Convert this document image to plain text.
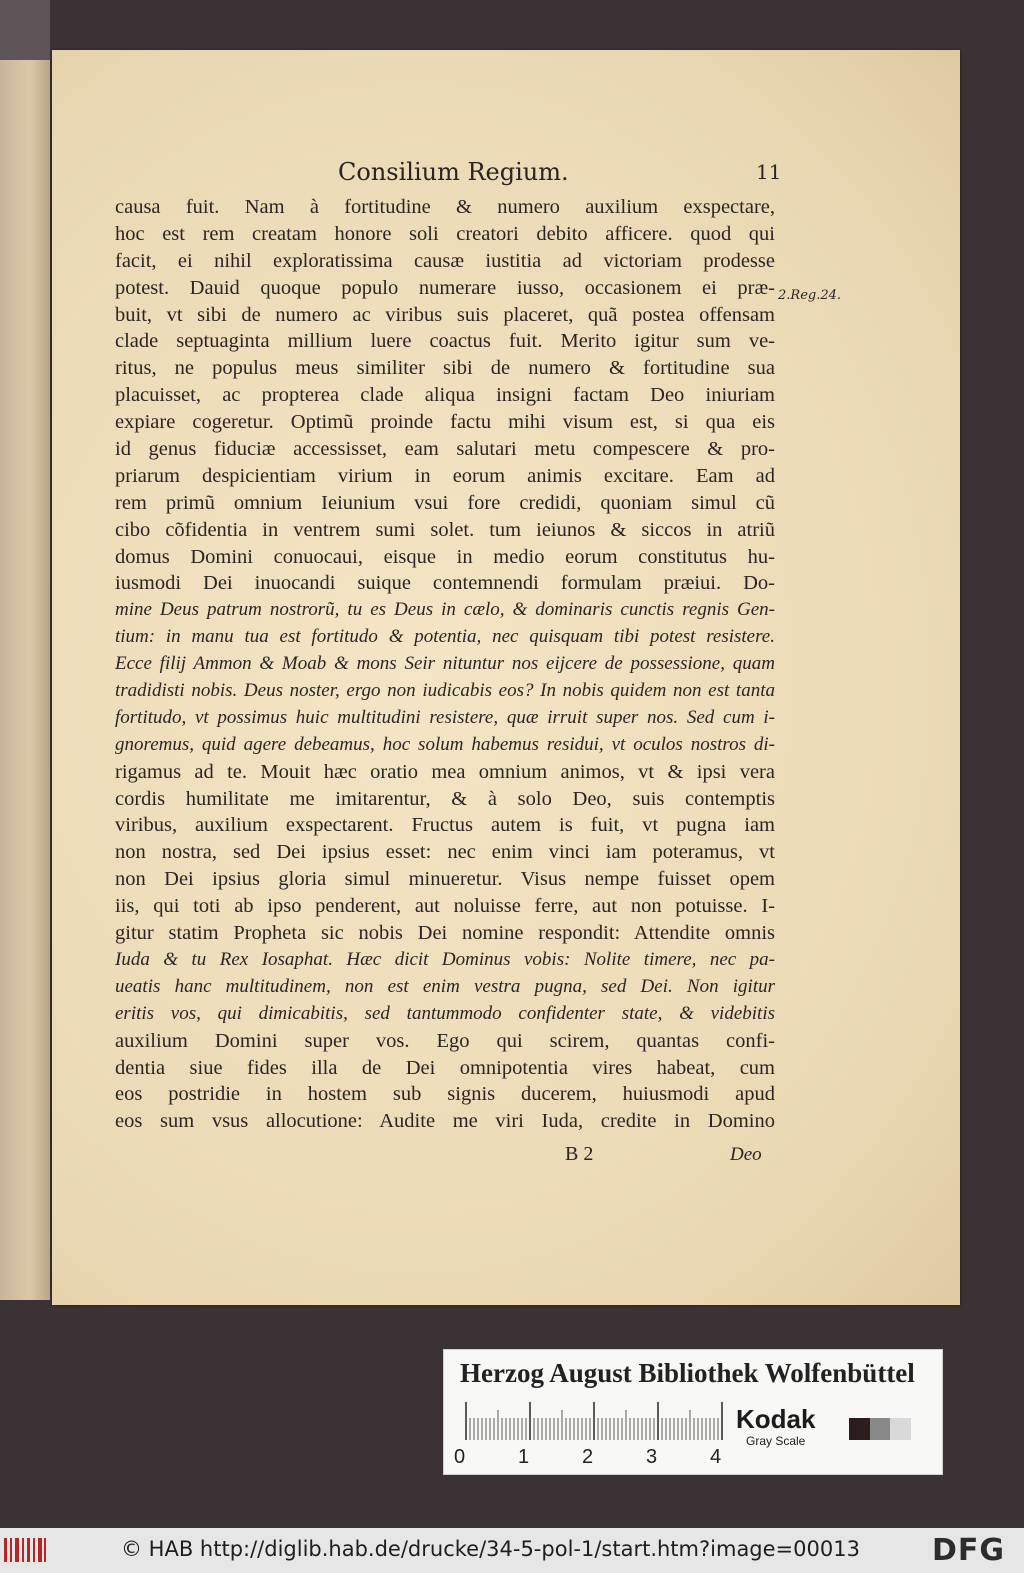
Consilium Regium.	11
2.Reg.24.
causa fuit. Nam à fortitudine & numero auxilium exspectare,
hoc est rem creatam honore soli creatori debito afficere. quod qui
facit, ei nihil exploratissima causæ iustitia ad victoriam prodesse
potest. Dauid quoque populo numerare iusso, occasionem ei præ-
buit, vt sibi de numero ac viribus suis placeret, quã postea offensam
clade septuaginta millium luere coactus fuit. Merito igitur sum ve-
ritus, ne populus meus similiter sibi de numero & fortitudine sua
placuisset, ac propterea clade aliqua insigni factam Deo iniuriam
expiare cogeretur. Optimũ proinde factu mihi visum est, si qua eis
id genus fiduciæ accessisset, eam salutari metu compescere & pro-
priarum despicientiam virium in eorum animis excitare. Eam ad
rem primũ omnium Ieiunium vsui fore credidi, quoniam simul cũ
cibo cõfidentia in ventrem sumi solet. tum ieiunos & siccos in atriũ
domus Domini conuocaui, eisque in medio eorum constitutus hu-
iusmodi Dei inuocandi suique contemnendi formulam præiui. Do-
mine Deus patrum nostrorũ, tu es Deus in cælo, & dominaris cunctis regnis Gen-
tium: in manu tua est fortitudo & potentia, nec quisquam tibi potest resistere.
Ecce filij Ammon & Moab & mons Seir nituntur nos eijcere de possessione, quam
tradidisti nobis. Deus noster, ergo non iudicabis eos? In nobis quidem non est tanta
fortitudo, vt possimus huic multitudini resistere, quæ irruit super nos. Sed cum i-
gnoremus, quid agere debeamus, hoc solum habemus residui, vt oculos nostros di-
rigamus ad te. Mouit hæc oratio mea omnium animos, vt & ipsi vera
cordis humilitate me imitarentur, & à solo Deo, suis contemptis
viribus, auxilium exspectarent. Fructus autem is fuit, vt pugna iam
non nostra, sed Dei ipsius esset: nec enim vinci iam poteramus, vt
non Dei ipsius gloria simul minueretur. Visus nempe fuisset opem
iis, qui toti ab ipso penderent, aut noluisse ferre, aut non potuisse. I-
gitur statim Propheta sic nobis Dei nomine respondit: Attendite omnis
Iuda & tu Rex Iosaphat. Hæc dicit Dominus vobis: Nolite timere, nec pa-
ueatis hanc multitudinem, non est enim vestra pugna, sed Dei. Non igitur
eritis vos, qui dimicabitis, sed tantummodo confidenter state, & videbitis
auxilium Domini super vos. Ego qui scirem, quantas confi-
dentia siue fides illa de Dei omnipotentia vires habeat, cum
eos postridie in hostem sub signis ducerem, huiusmodi apud
eos sum vsus allocutione: Audite me viri Iuda, credite in Domino
B 2	Deo
Herzog August Bibliothek Wolfenbüttel
0	1	2	3	4
Kodak
Gray Scale
© HAB http://diglib.hab.de/drucke/34-5-pol-1/start.htm?image=00013 DFG
